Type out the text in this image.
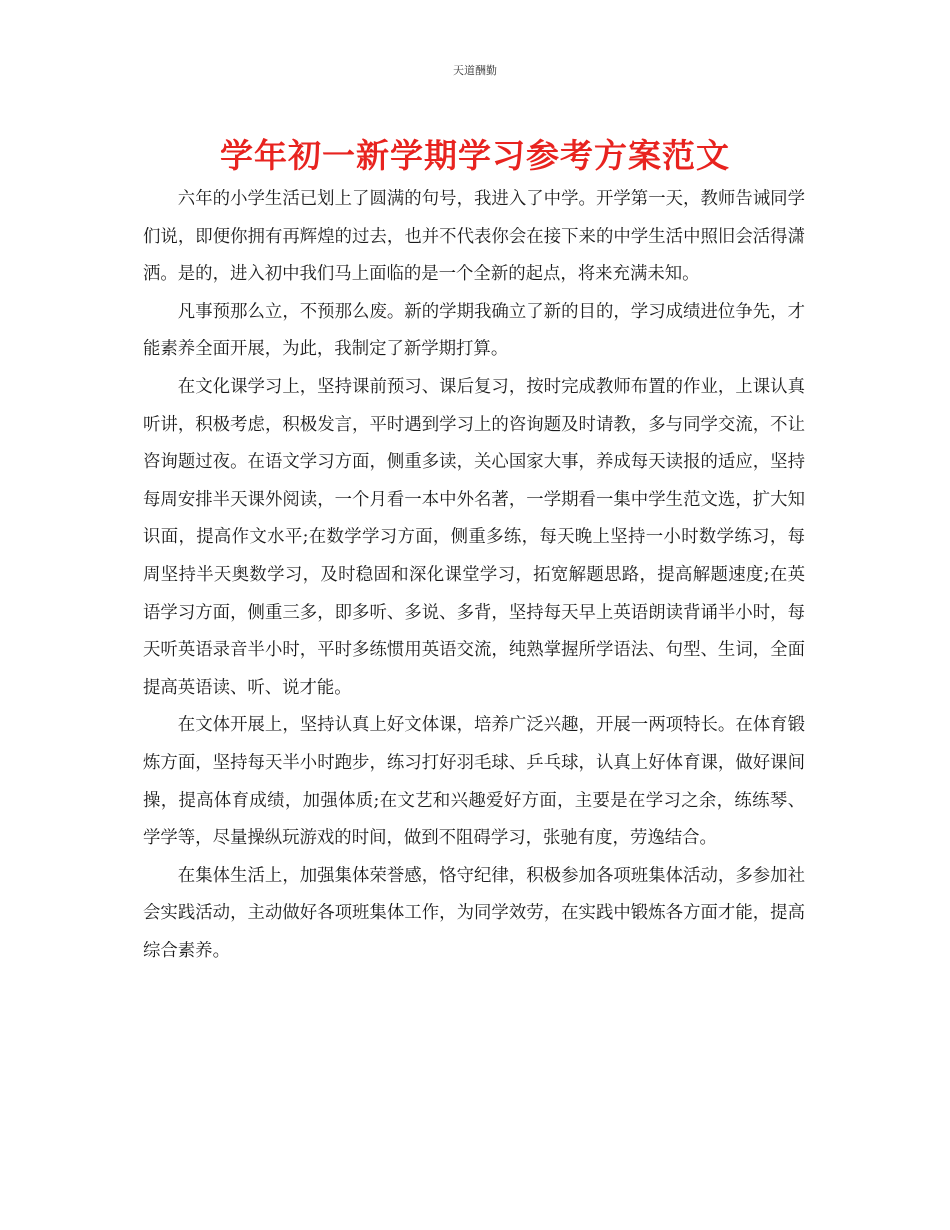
天道酬勤
学年初一新学期学习参考方案范文

六年的小学生活已划上了圆满的句号，我进入了中学。开学第一天，教师告诫同学们说，即便你拥有再辉煌的过去，也并不代表你会在接下来的中学生活中照旧会活得潇洒。是的，进入初中我们马上面临的是一个全新的起点，将来充满未知。

凡事预那么立，不预那么废。新的学期我确立了新的目的，学习成绩进位争先，才能素养全面开展，为此，我制定了新学期打算。

在文化课学习上，坚持课前预习、课后复习，按时完成教师布置的作业，上课认真听讲，积极考虑，积极发言，平时遇到学习上的咨询题及时请教，多与同学交流，不让咨询题过夜。在语文学习方面，侧重多读，关心国家大事，养成每天读报的适应，坚持每周安排半天课外阅读，一个月看一本中外名著，一学期看一集中学生范文选，扩大知识面，提高作文水平;在数学学习方面，侧重多练，每天晚上坚持一小时数学练习，每周坚持半天奥数学习，及时稳固和深化课堂学习，拓宽解题思路，提高解题速度;在英语学习方面，侧重三多，即多听、多说、多背，坚持每天早上英语朗读背诵半小时，每天听英语录音半小时，平时多练惯用英语交流，纯熟掌握所学语法、句型、生词，全面提高英语读、听、说才能。

在文体开展上，坚持认真上好文体课，培养广泛兴趣，开展一两项特长。在体育锻炼方面，坚持每天半小时跑步，练习打好羽毛球、乒乓球，认真上好体育课，做好课间操，提高体育成绩，加强体质;在文艺和兴趣爱好方面，主要是在学习之余，练练琴、学学等，尽量操纵玩游戏的时间，做到不阻碍学习，张驰有度，劳逸结合。

在集体生活上，加强集体荣誉感，恪守纪律，积极参加各项班集体活动，多参加社会实践活动，主动做好各项班集体工作，为同学效劳，在实践中锻炼各方面才能，提高综合素养。
